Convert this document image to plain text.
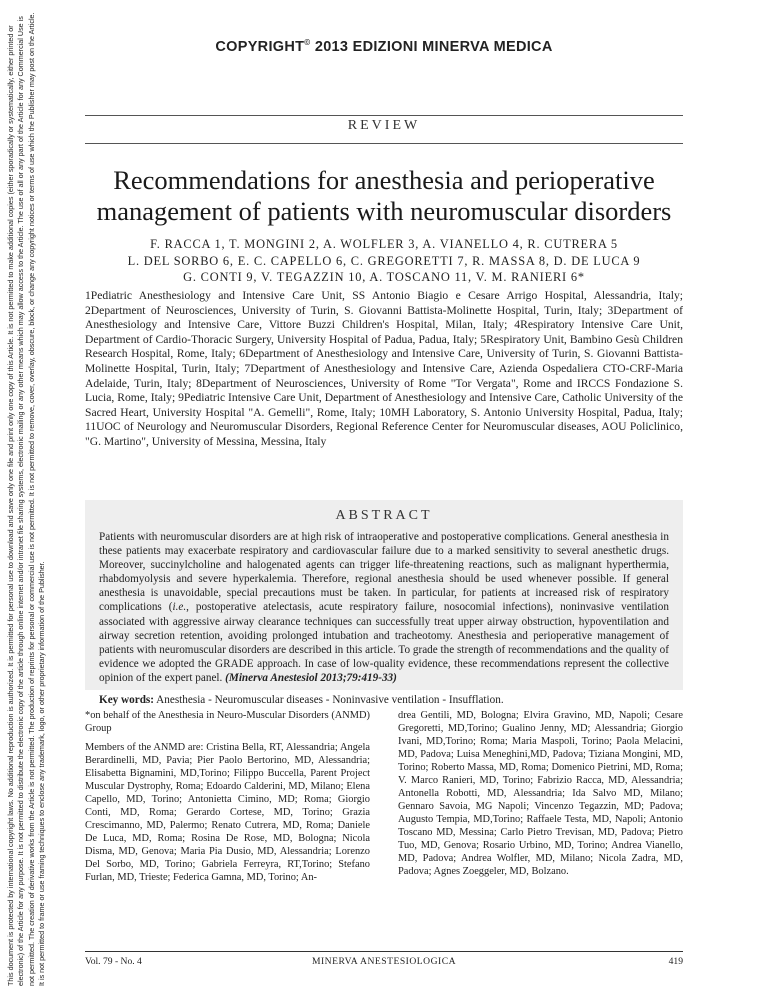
This document is protected by international copyright laws. No additional reproduction is authorized. It is permitted for personal use to download and save only one file and print only one copy of this Article. It is not permitted to make additional copies (either sporadically or systematically, either printed or electronic) of the Article for any purpose. It is not permitted to distribute the electronic copy of the article through online internet and/or intranet file sharing systems, electronic mailing or any other means which may allow access to the Article. The use of all or any part of the Article for any Commercial Use is not permitted. The creation of derivative works from the Article is not permitted. The production of reprints for personal or commercial use is not permitted. It is not permitted to remove, cover, overlay, obscure, block, or change any copyright notices or terms of use which the Publisher may post on the Article. It is not permitted to frame or use framing techniques to enclose any trademark, logo, or other proprietary information of the Publisher.
COPYRIGHT© 2013 EDIZIONI MINERVA MEDICA
REVIEW
Recommendations for anesthesia and perioperative management of patients with neuromuscular disorders
F. RACCA 1, T. MONGINI 2, A. WOLFLER 3, A. VIANELLO 4, R. CUTRERA 5
L. DEL SORBO 6, E. C. CAPELLO 6, C. GREGORETTI 7, R. MASSA 8, D. DE LUCA 9
G. CONTI 9, V. TEGAZZIN 10, A. TOSCANO 11, V. M. RANIERI 6*
1Pediatric Anesthesiology and Intensive Care Unit, SS Antonio Biagio e Cesare Arrigo Hospital, Alessandria, Italy; 2Department of Neurosciences, University of Turin, S. Giovanni Battista-Molinette Hospital, Turin, Italy; 3Department of Anesthesiology and Intensive Care, Vittore Buzzi Children's Hospital, Milan, Italy; 4Respiratory Intensive Care Unit, Department of Cardio-Thoracic Surgery, University Hospital of Padua, Padua, Italy; 5Respiratory Unit, Bambino Gesù Children Research Hospital, Rome, Italy; 6Department of Anesthesiology and Intensive Care, University of Turin, S. Giovanni Battista-Molinette Hospital, Turin, Italy; 7Department of Anesthesiology and Intensive Care, Azienda Ospedaliera CTO-CRF-Maria Adelaide, Turin, Italy; 8Department of Neurosciences, University of Rome "Tor Vergata", Rome and IRCCS Fondazione S. Lucia, Rome, Italy; 9Pediatric Intensive Care Unit, Department of Anesthesiology and Intensive Care, Catholic University of the Sacred Heart, University Hospital "A. Gemelli", Rome, Italy; 10MH Laboratory, S. Antonio University Hospital, Padua, Italy; 11UOC of Neurology and Neuromuscular Disorders, Regional Reference Center for Neuromuscular diseases, AOU Policlinico, "G. Martino", University of Messina, Messina, Italy
ABSTRACT
Patients with neuromuscular disorders are at high risk of intraoperative and postoperative complications. General anesthesia in these patients may exacerbate respiratory and cardiovascular failure due to a marked sensitivity to several anesthetic drugs. Moreover, succinylcholine and halogenated agents can trigger life-threatening reactions, such as malignant hyperthermia, rhabdomyolysis and severe hyperkalemia. Therefore, regional anesthesia should be used whenever possible. If general anesthesia is unavoidable, special precautions must be taken. In particular, for patients at increased risk of respiratory complications (i.e., postoperative atelectasis, acute respiratory failure, nosocomial infections), noninvasive ventilation associated with aggressive airway clearance techniques can successfully treat upper airway obstruction, hypoventilation and airway secretion retention, avoiding prolonged intubation and tracheotomy. Anesthesia and perioperative management of patients with neuromuscular disorders are described in this article. To grade the strength of recommendations and the quality of evidence we adopted the GRADE approach. In case of low-quality evidence, these recommendations represent the collective opinion of the expert panel. (Minerva Anestesiol 2013;79:419-33)
Key words: Anesthesia - Neuromuscular diseases - Noninvasive ventilation - Insufflation.

*on behalf of the Anesthesia in Neuro-Muscular Disorders (ANMD) Group

Members of the ANMD are: Cristina Bella, RT, Alessandria; Angela Berardinelli, MD, Pavia; Pier Paolo Bertorino, MD, Alessandria; Elisabetta Bignamini, MD,Torino; Filippo Buccella, Parent Project Muscular Dystrophy, Roma; Edoardo Calderini, MD, Milano; Elena Capello, MD, Torino; Antonietta Cimino, MD; Roma; Giorgio Conti, MD, Roma; Gerardo Cortese, MD, Torino; Grazia Crescimanno, MD, Palermo; Renato Cutrera, MD, Roma; Daniele De Luca, MD, Roma; Rosina De Rose, MD, Bologna; Nicola Disma, MD, Genova; Maria Pia Dusio, MD, Alessandria; Lorenzo Del Sorbo, MD, Torino; Gabriela Ferreyra, RT,Torino; Stefano Furlan, MD, Trieste; Federica Gamna, MD, Torino; An-

drea Gentili, MD, Bologna; Elvira Gravino, MD, Napoli; Cesare Gregoretti, MD,Torino; Gualino Jenny, MD; Alessandria; Giorgio Ivani, MD,Torino; Roma; Maria Maspoli, Torino; Paola Melacini, MD, Padova; Luisa Meneghini,MD, Padova; Tiziana Mongini, MD, Torino; Roberto Massa, MD, Roma; Domenico Pietrini, MD, Roma; V. Marco Ranieri, MD, Torino; Fabrizio Racca, MD, Alessandria; Antonella Robotti, MD, Alessandria; Ida Salvo MD, Milano; Gennaro Savoia, MG Napoli; Vincenzo Tegazzin, MD; Padova; Augusto Tempia, MD,Torino; Raffaele Testa, MD, Napoli; Antonio Toscano MD, Messina; Carlo Pietro Trevisan, MD, Padova; Pietro Tuo, MD, Genova; Rosario Urbino, MD, Torino; Andrea Vianello, MD, Padova; Andrea Wolfler, MD, Milano; Nicola Zadra, MD, Padova; Agnes Zoeggeler, MD, Bolzano.

Vol. 79 - No. 4	MINERVA ANESTESIOLOGICA	419
